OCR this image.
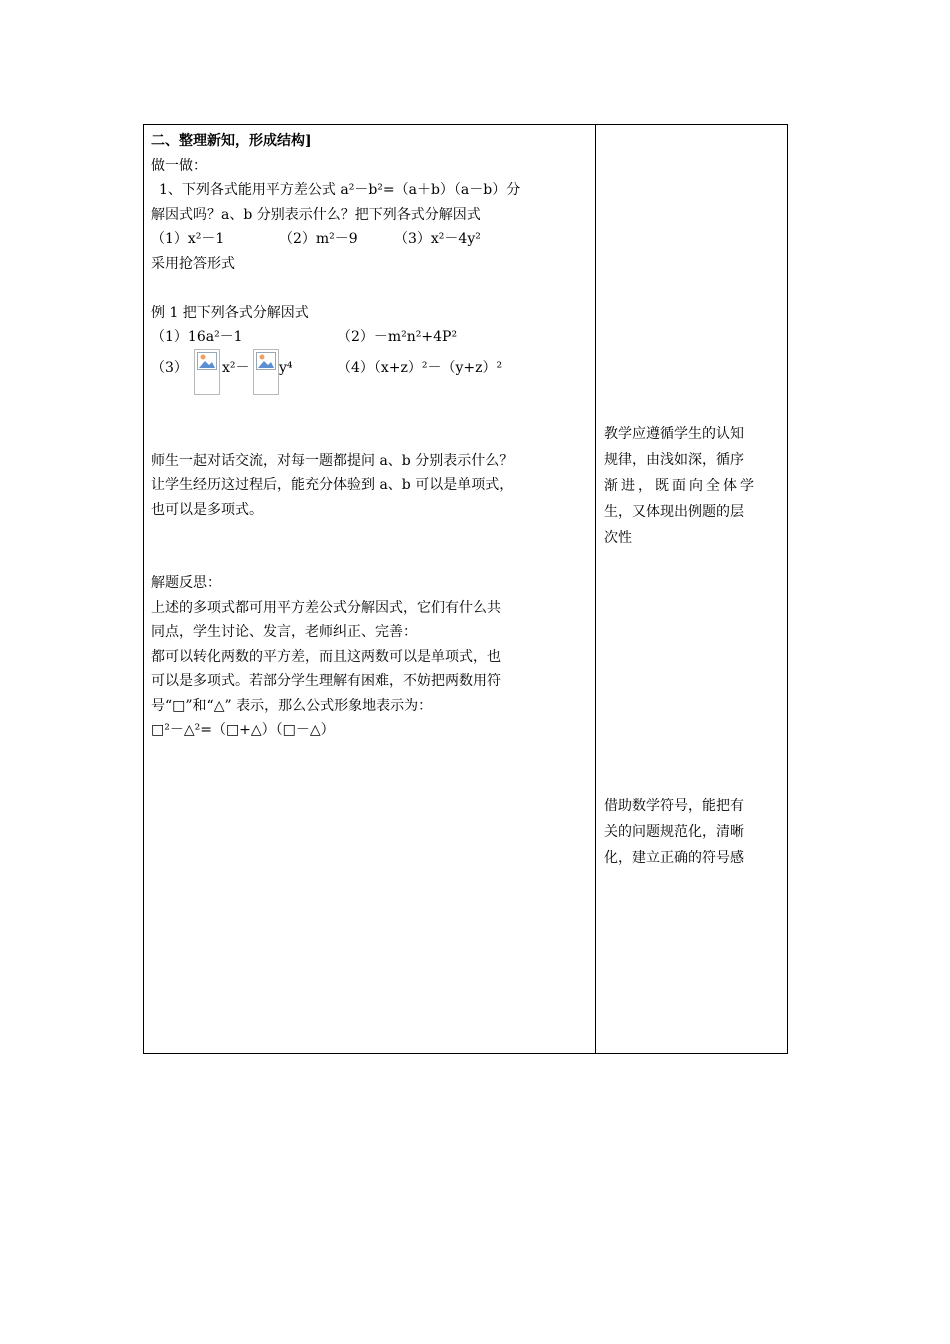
二、整理新知，形成结构]
做一做：
1、下列各式能用平方差公式 a²－b²=（a＋b）（a－b）分
解因式吗？a、b 分别表示什么？把下列各式分解因式
（1）x²－1	（2）m²－9	（3）x²－4y²
采用抢答形式
例 1 把下列各式分解因式
（1）16a²－1	（2）－m²n²+4P²
（3） x²－ y⁴	（4）（x+z）²－（y+z）²
师生一起对话交流，对每一题都提问 a、b 分别表示什么？
让学生经历这过程后，能充分体验到 a、b 可以是单项式，
也可以是多项式。
解题反思：
上述的多项式都可用平方差公式分解因式，它们有什么共
同点，学生讨论、发言，老师纠正、完善：
都可以转化两数的平方差，而且这两数可以是单项式，也
可以是多项式。若部分学生理解有困难，不妨把两数用符
号“□”和“△” 表示，那么公式形象地表示为：
□²－△²=（□+△）（□－△）
教学应遵循学生的认知
规律，由浅如深，循序
渐进，既面向全体学
生，又体现出例题的层
次性
借助数学符号，能把有
关的问题规范化，清晰
化，建立正确的符号感
